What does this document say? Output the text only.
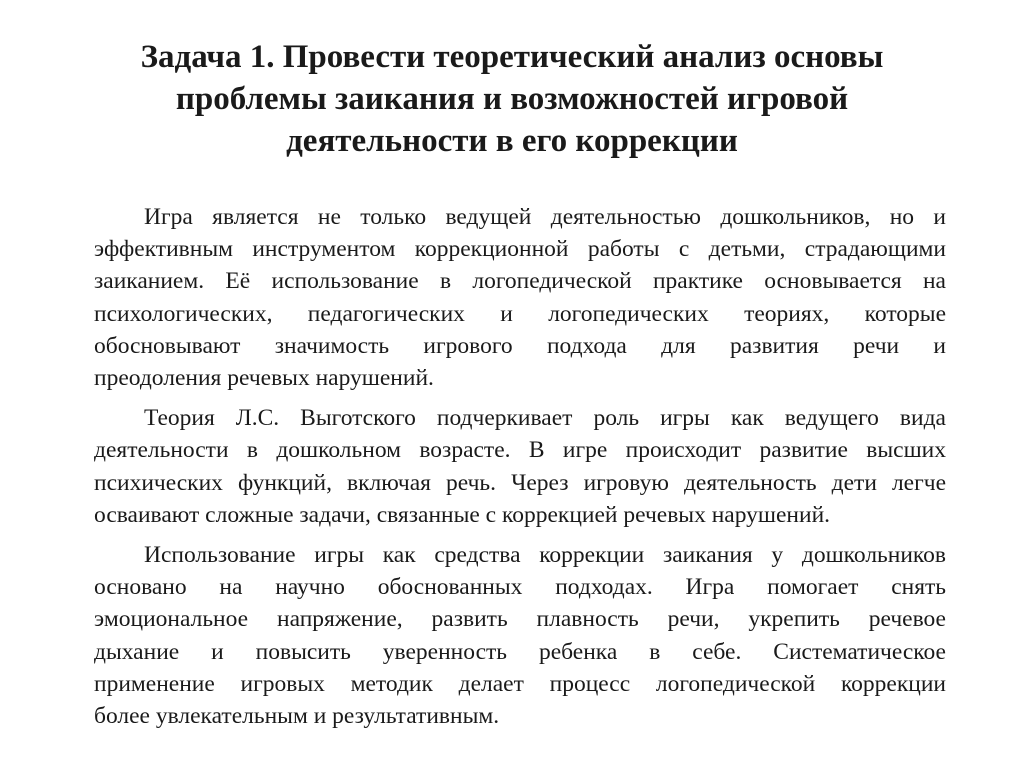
Задача 1. Провести теоретический анализ основы
проблемы заикания и возможностей игровой
деятельности в его коррекции

Игра является не только ведущей деятельностью дошкольников, но и
эффективным инструментом коррекционной работы с детьми, страдающими
заиканием. Её использование в логопедической практике основывается на
психологических, педагогических и логопедических теориях, которые
обосновывают значимость игрового подхода для развития речи и
преодоления речевых нарушений.

Теория Л.С. Выготского подчеркивает роль игры как ведущего вида
деятельности в дошкольном возрасте. В игре происходит развитие высших
психических функций, включая речь. Через игровую деятельность дети легче
осваивают сложные задачи, связанные с коррекцией речевых нарушений.

Использование игры как средства коррекции заикания у дошкольников
основано на научно обоснованных подходах. Игра помогает снять
эмоциональное напряжение, развить плавность речи, укрепить речевое
дыхание и повысить уверенность ребенка в себе. Систематическое
применение игровых методик делает процесс логопедической коррекции
более увлекательным и результативным.
